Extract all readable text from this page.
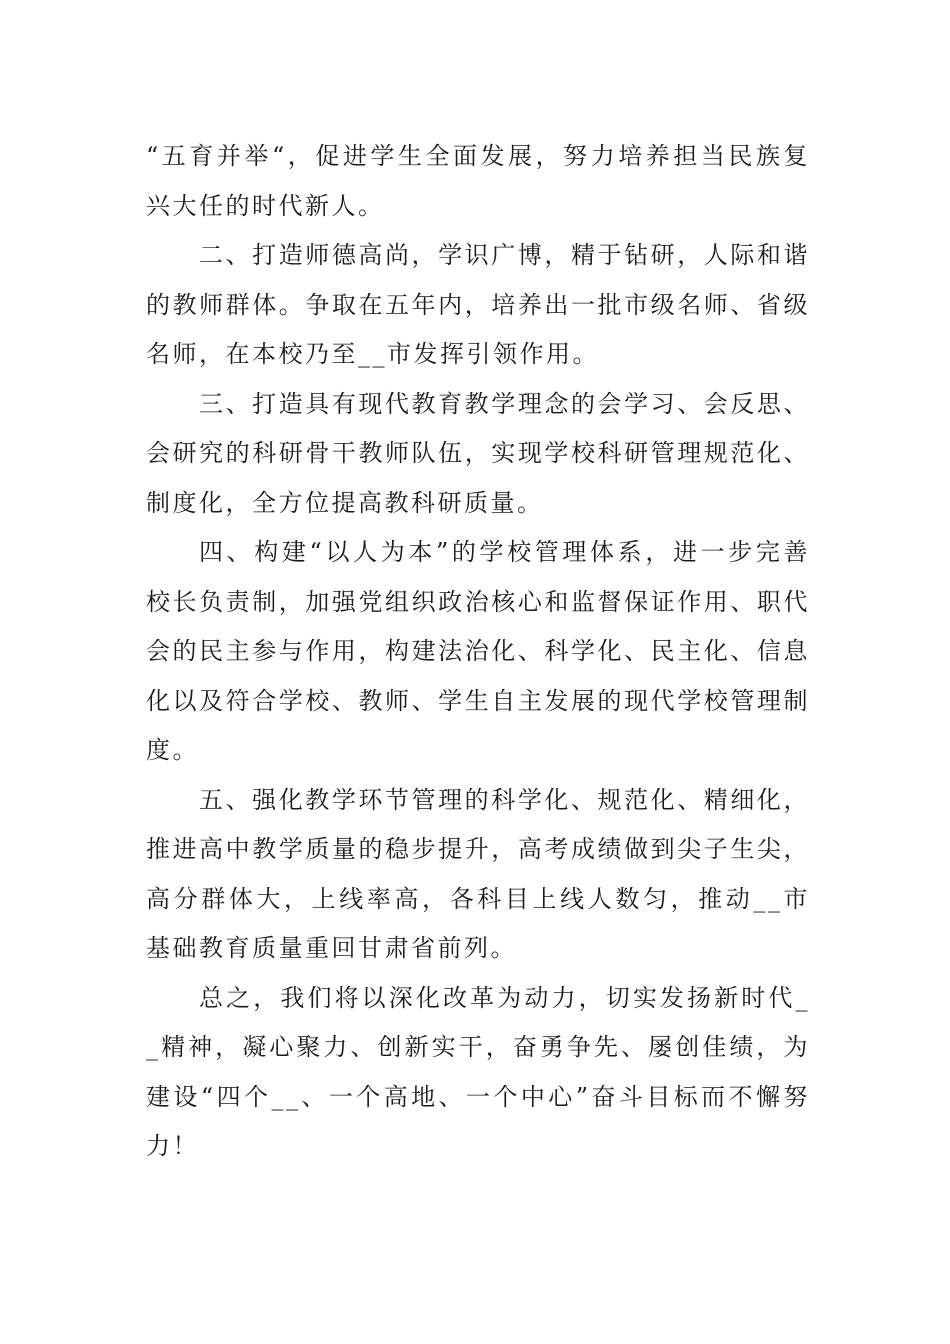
“五育并举“，促进学生全面发展，努力培养担当民族复兴大任的时代新人。

二、打造师德高尚，学识广博，精于钻研，人际和谐的教师群体。争取在五年内，培养出一批市级名师、省级名师，在本校乃至__市发挥引领作用。

三、打造具有现代教育教学理念的会学习、会反思、会研究的科研骨干教师队伍，实现学校科研管理规范化、制度化，全方位提高教科研质量。

四、构建“以人为本”的学校管理体系，进一步完善校长负责制，加强党组织政治核心和监督保证作用、职代会的民主参与作用，构建法治化、科学化、民主化、信息化以及符合学校、教师、学生自主发展的现代学校管理制度。

五、强化教学环节管理的科学化、规范化、精细化，推进高中教学质量的稳步提升，高考成绩做到尖子生尖，高分群体大，上线率高，各科目上线人数匀，推动__市基础教育质量重回甘肃省前列。

总之，我们将以深化改革为动力，切实发扬新时代__精神，凝心聚力、创新实干，奋勇争先、屡创佳绩，为建设“四个__、一个高地、一个中心”奋斗目标而不懈努力！
